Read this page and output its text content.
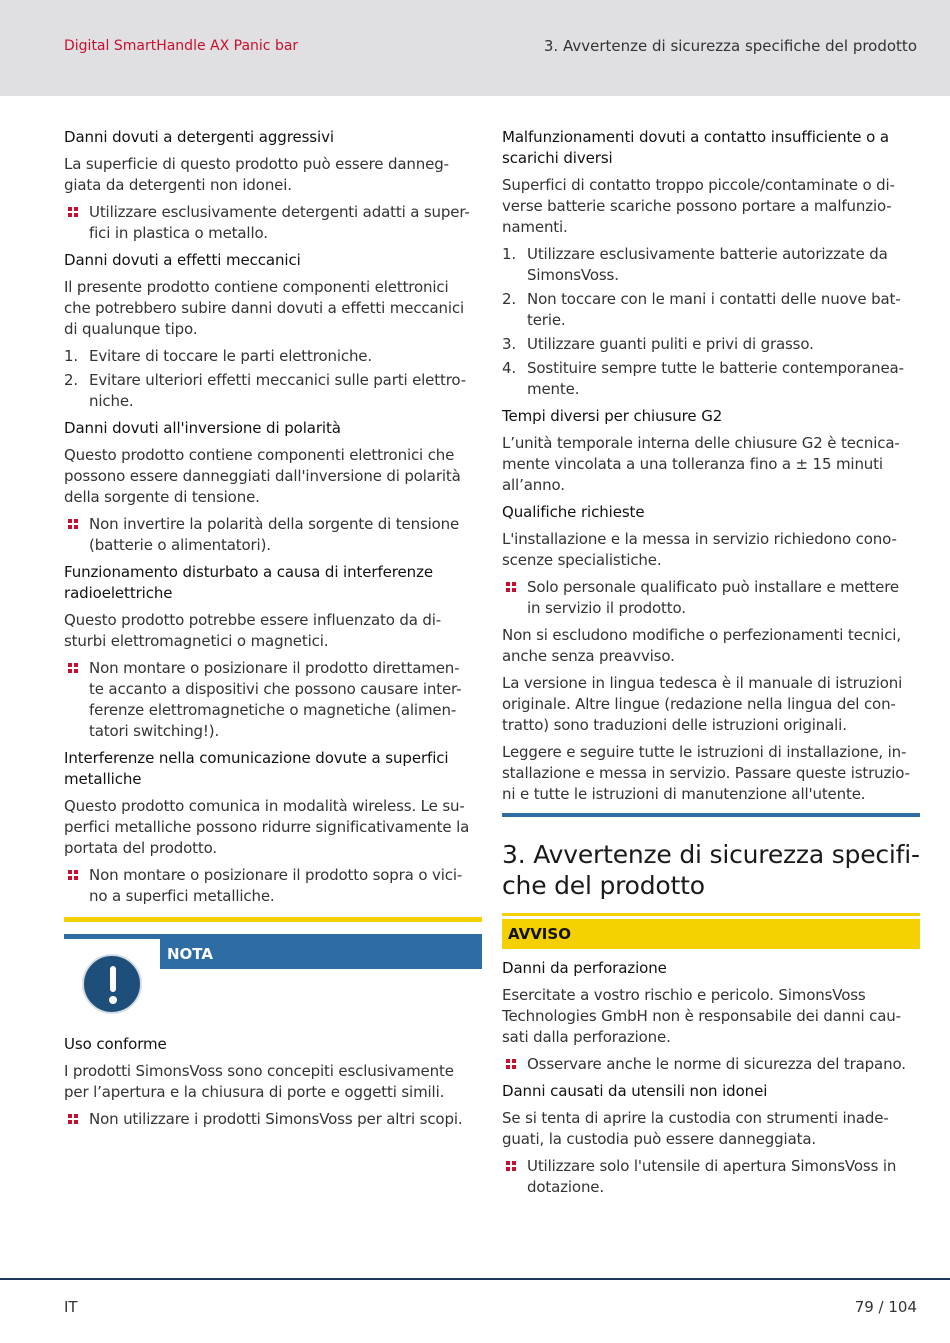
Digital SmartHandle AX Panic bar	3. Avvertenze di sicurezza specifiche del prodotto
Danni dovuti a detergenti aggressivi
La superficie di questo prodotto può essere danneg-
giata da detergenti non idonei.
Utilizzare esclusivamente detergenti adatti a super-
fici in plastica o metallo.
Danni dovuti a effetti meccanici
Il presente prodotto contiene componenti elettronici
che potrebbero subire danni dovuti a effetti meccanici
di qualunque tipo.
1. Evitare di toccare le parti elettroniche.
2. Evitare ulteriori effetti meccanici sulle parti elettro-
niche.
Danni dovuti all'inversione di polarità
Questo prodotto contiene componenti elettronici che
possono essere danneggiati dall'inversione di polarità
della sorgente di tensione.
Non invertire la polarità della sorgente di tensione
(batterie o alimentatori).
Funzionamento disturbato a causa di interferenze
radioelettriche
Questo prodotto potrebbe essere influenzato da di-
sturbi elettromagnetici o magnetici.
Non montare o posizionare il prodotto direttamen-
te accanto a dispositivi che possono causare inter-
ferenze elettromagnetiche o magnetiche (alimen-
tatori switching!).
Interferenze nella comunicazione dovute a superfici
metalliche
Questo prodotto comunica in modalità wireless. Le su-
perfici metalliche possono ridurre significativamente la
portata del prodotto.
Non montare o posizionare il prodotto sopra o vici-
no a superfici metalliche.
NOTA
Uso conforme
I prodotti SimonsVoss sono concepiti esclusivamente
per l’apertura e la chiusura di porte e oggetti simili.
Non utilizzare i prodotti SimonsVoss per altri scopi.
Malfunzionamenti dovuti a contatto insufficiente o a
scarichi diversi
Superfici di contatto troppo piccole/contaminate o di-
verse batterie scariche possono portare a malfunzio-
namenti.
1. Utilizzare esclusivamente batterie autorizzate da
SimonsVoss.
2. Non toccare con le mani i contatti delle nuove bat-
terie.
3. Utilizzare guanti puliti e privi di grasso.
4. Sostituire sempre tutte le batterie contemporanea-
mente.
Tempi diversi per chiusure G2
L’unità temporale interna delle chiusure G2 è tecnica-
mente vincolata a una tolleranza fino a ± 15 minuti
all’anno.
Qualifiche richieste
L'installazione e la messa in servizio richiedono cono-
scenze specialistiche.
Solo personale qualificato può installare e mettere
in servizio il prodotto.
Non si escludono modifiche o perfezionamenti tecnici,
anche senza preavviso.
La versione in lingua tedesca è il manuale di istruzioni
originale. Altre lingue (redazione nella lingua del con-
tratto) sono traduzioni delle istruzioni originali.
Leggere e seguire tutte le istruzioni di installazione, in-
stallazione e messa in servizio. Passare queste istruzio-
ni e tutte le istruzioni di manutenzione all'utente.
3. Avvertenze di sicurezza specifi-
che del prodotto
AVVISO
Danni da perforazione
Esercitate a vostro rischio e pericolo. SimonsVoss
Technologies GmbH non è responsabile dei danni cau-
sati dalla perforazione.
Osservare anche le norme di sicurezza del trapano.
Danni causati da utensili non idonei
Se si tenta di aprire la custodia con strumenti inade-
guati, la custodia può essere danneggiata.
Utilizzare solo l'utensile di apertura SimonsVoss in
dotazione.
IT	79 / 104
